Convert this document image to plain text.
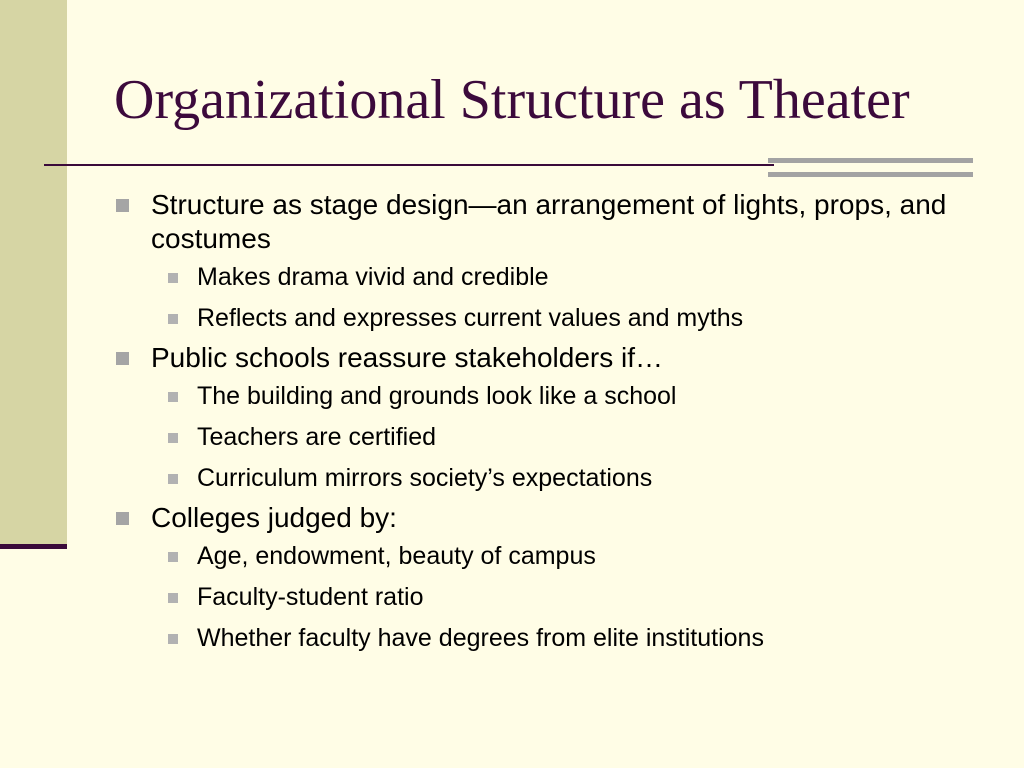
Organizational Structure as Theater
Structure as stage design—an arrangement of lights, props, and costumes
Makes drama vivid and credible
Reflects and expresses current values and myths
Public schools reassure stakeholders if…
The building and grounds look like a school
Teachers are certified
Curriculum mirrors society’s expectations
Colleges judged by:
Age, endowment, beauty of campus
Faculty-student ratio
Whether faculty have degrees from elite institutions
